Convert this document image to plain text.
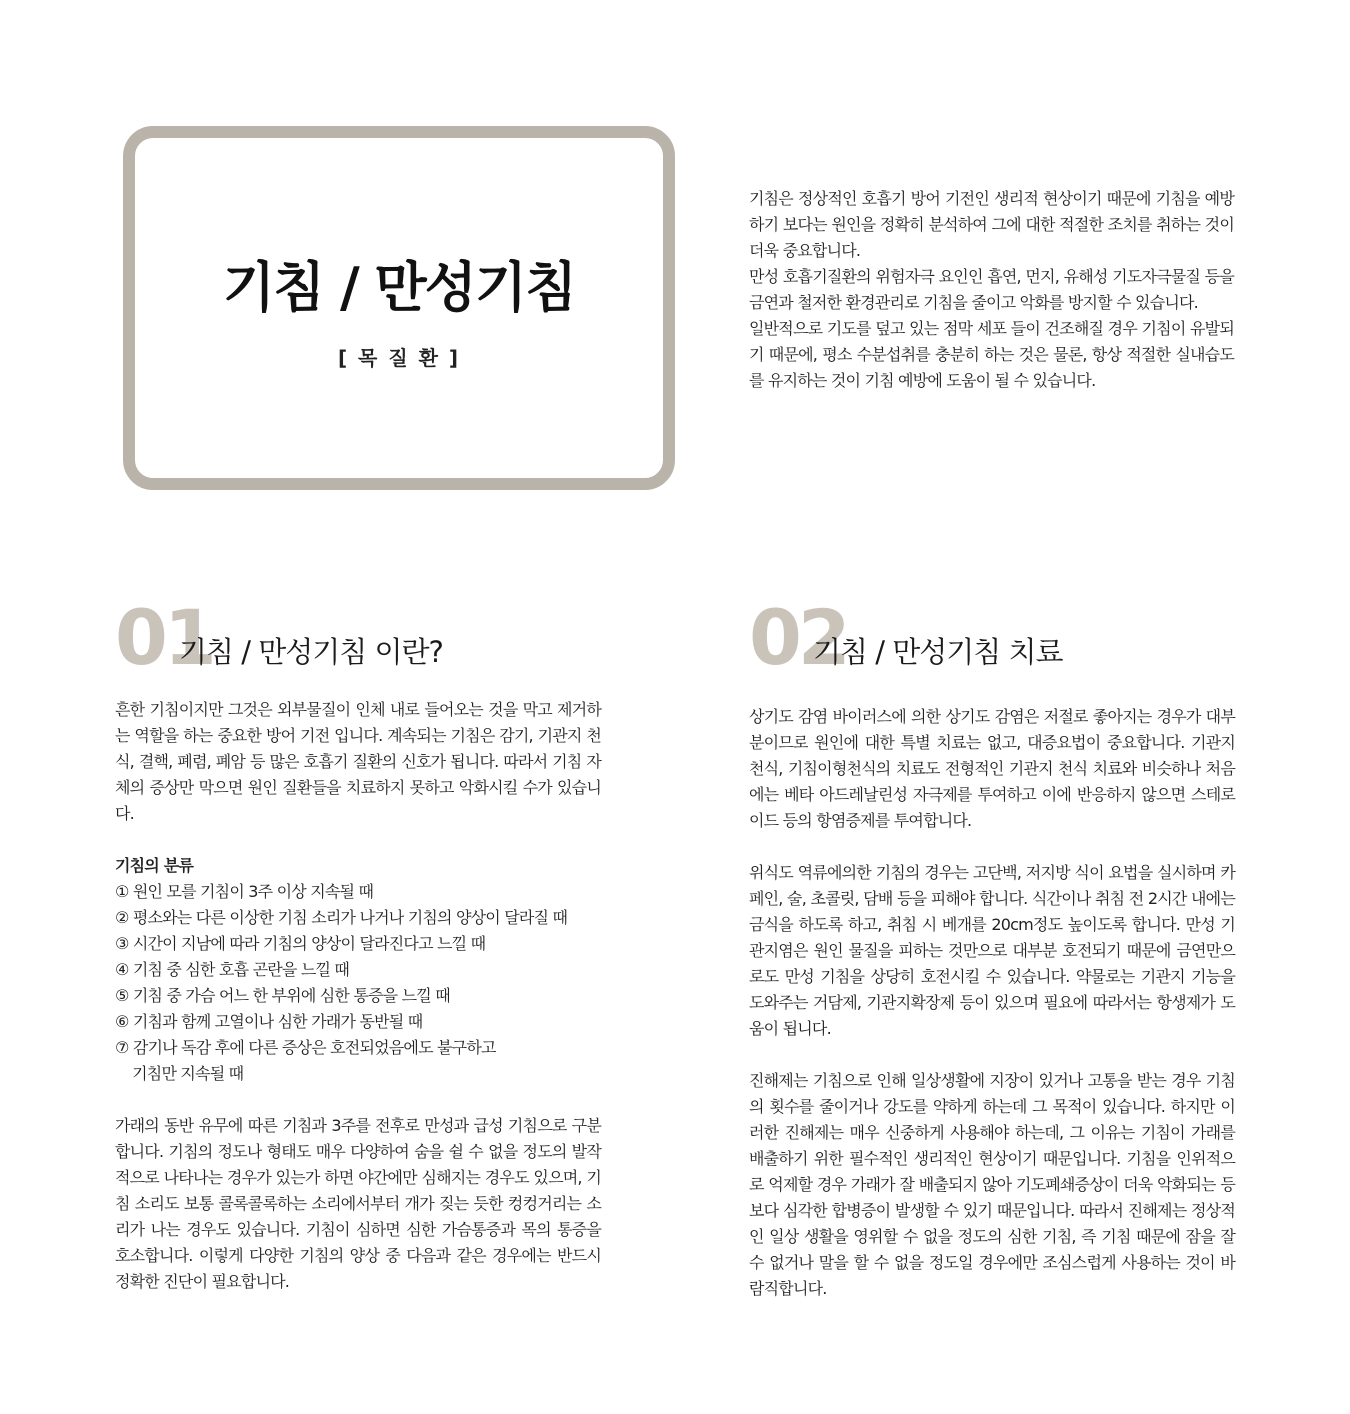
기침 / 만성기침

[ 목 질 환 ]

기침은 정상적인 호흡기 방어 기전인 생리적 현상이기 때문에 기침을 예방하기 보다는 원인을 정확히 분석하여 그에 대한 적절한 조치를 취하는 것이 더욱 중요합니다.

만성 호흡기질환의 위험자극 요인인 흡연, 먼지, 유해성 기도자극물질 등을 금연과 철저한 환경관리로 기침을 줄이고 악화를 방지할 수 있습니다.

일반적으로 기도를 덮고 있는 점막 세포 들이 건조해질 경우 기침이 유발되기 때문에, 평소 수분섭취를 충분히 하는 것은 물론, 항상 적절한 실내습도를 유지하는 것이 기침 예방에 도움이 될 수 있습니다.

01
기침 / 만성기침 이란?

흔한 기침이지만 그것은 외부물질이 인체 내로 들어오는 것을 막고 제거하는 역할을 하는 중요한 방어 기전 입니다. 계속되는 기침은 감기, 기관지 천식, 결핵, 폐렴, 폐암 등 많은 호흡기 질환의 신호가 됩니다. 따라서 기침 자체의 증상만 막으면 원인 질환들을 치료하지 못하고 악화시킬 수가 있습니다.

기침의 분류

① 원인 모를 기침이 3주 이상 지속될 때
② 평소와는 다른 이상한 기침 소리가 나거나 기침의 양상이 달라질 때
③ 시간이 지남에 따라 기침의 양상이 달라진다고 느낄 때
④ 기침 중 심한 호흡 곤란을 느낄 때
⑤ 기침 중 가슴 어느 한 부위에 심한 통증을 느낄 때
⑥ 기침과 함께 고열이나 심한 가래가 동반될 때
⑦ 감기나 독감 후에 다른 증상은 호전되었음에도 불구하고
기침만 지속될 때

가래의 동반 유무에 따른 기침과 3주를 전후로 만성과 급성 기침으로 구분합니다. 기침의 정도나 형태도 매우 다양하여 숨을 쉴 수 없을 정도의 발작적으로 나타나는 경우가 있는가 하면 야간에만 심해지는 경우도 있으며, 기침 소리도 보통 콜록콜록하는 소리에서부터 개가 짖는 듯한 컹컹거리는 소리가 나는 경우도 있습니다. 기침이 심하면 심한 가슴통증과 목의 통증을 호소합니다. 이렇게 다양한 기침의 양상 중 다음과 같은 경우에는 반드시 정확한 진단이 필요합니다.

02
기침 / 만성기침 치료

상기도 감염 바이러스에 의한 상기도 감염은 저절로 좋아지는 경우가 대부분이므로 원인에 대한 특별 치료는 없고, 대증요법이 중요합니다. 기관지 천식, 기침이형천식의 치료도 전형적인 기관지 천식 치료와 비슷하나 처음에는 베타 아드레날린성 자극제를 투여하고 이에 반응하지 않으면 스테로이드 등의 항염증제를 투여합니다.

위식도 역류에의한 기침의 경우는 고단백, 저지방 식이 요법을 실시하며 카페인, 술, 초콜릿, 담배 등을 피해야 합니다. 식간이나 취침 전 2시간 내에는 금식을 하도록 하고, 취침 시 베개를 20cm정도 높이도록 합니다. 만성 기관지염은 원인 물질을 피하는 것만으로 대부분 호전되기 때문에 금연만으로도 만성 기침을 상당히 호전시킬 수 있습니다. 약물로는 기관지 기능을 도와주는 거담제, 기관지확장제 등이 있으며 필요에 따라서는 항생제가 도움이 됩니다.

진해제는 기침으로 인해 일상생활에 지장이 있거나 고통을 받는 경우 기침의 횟수를 줄이거나 강도를 약하게 하는데 그 목적이 있습니다. 하지만 이러한 진해제는 매우 신중하게 사용해야 하는데, 그 이유는 기침이 가래를 배출하기 위한 필수적인 생리적인 현상이기 때문입니다. 기침을 인위적으로 억제할 경우 가래가 잘 배출되지 않아 기도폐쇄증상이 더욱 악화되는 등 보다 심각한 합병증이 발생할 수 있기 때문입니다. 따라서 진해제는 정상적인 일상 생활을 영위할 수 없을 정도의 심한 기침, 즉 기침 때문에 잠을 잘 수 없거나 말을 할 수 없을 정도일 경우에만 조심스럽게 사용하는 것이 바람직합니다.
